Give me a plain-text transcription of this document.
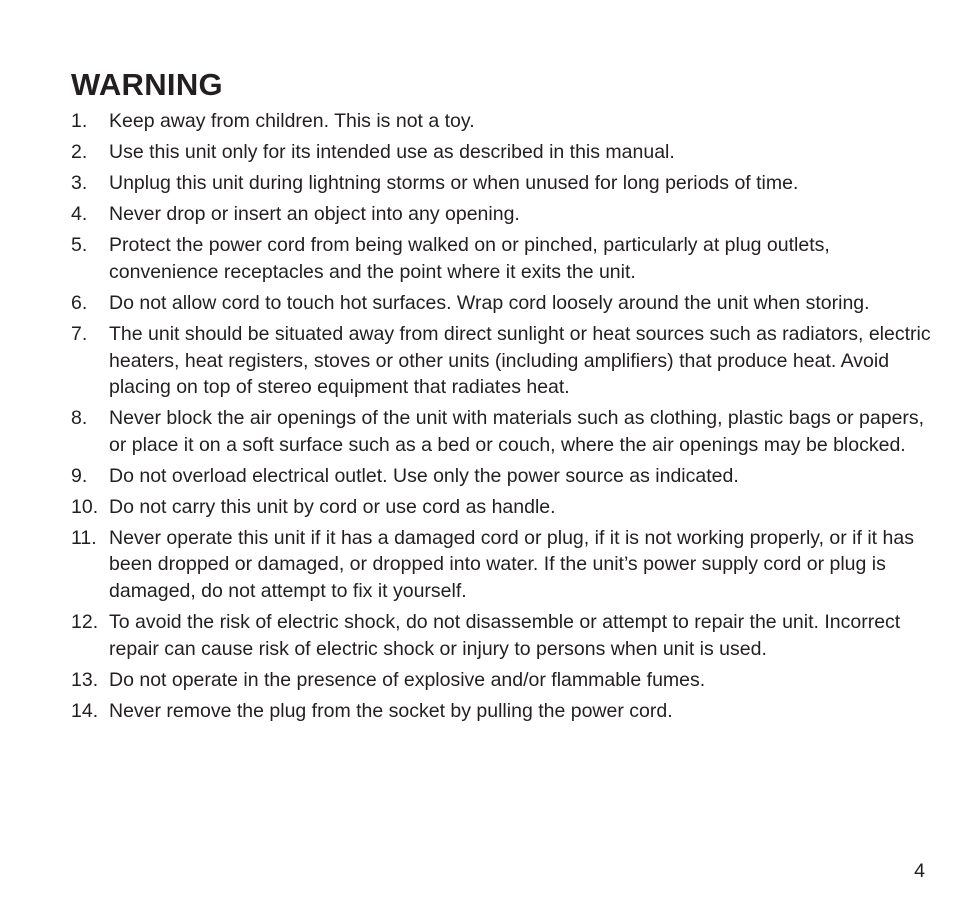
WARNING
1.	Keep away from children. This is not a toy.
2.	Use this unit only for its intended use as described in this manual.
3.	Unplug this unit during lightning storms or when unused for long periods of time.
4.	Never drop or insert an object into any opening.
5.	Protect the power cord from being walked on or pinched, particularly at plug outlets, convenience receptacles and the point where it exits the unit.
6.	Do not allow cord to touch hot surfaces. Wrap cord loosely around the unit when storing.
7.	The unit should be situated away from direct sunlight or heat sources such as radiators, electric heaters, heat registers, stoves or other units (including amplifiers) that produce heat. Avoid placing on top of stereo equipment that radiates heat.
8.	Never block the air openings of the unit with materials such as clothing, plastic bags or papers, or place it on a soft surface such as a bed or couch, where the air openings may be blocked.
9.	Do not overload electrical outlet. Use only the power source as indicated.
10. Do not carry this unit by cord or use cord as handle.
11. Never operate this unit if it has a damaged cord or plug, if it is not working properly, or if it has been dropped or damaged, or dropped into water. If the unit’s power supply cord or plug is damaged, do not attempt to fix it yourself.
12. To avoid the risk of electric shock, do not disassemble or attempt to repair the unit. Incorrect repair can cause risk of electric shock or injury to persons when unit is used.
13. Do not operate in the presence of explosive and/or flammable fumes.
14. Never remove the plug from the socket by pulling the power cord.
4
